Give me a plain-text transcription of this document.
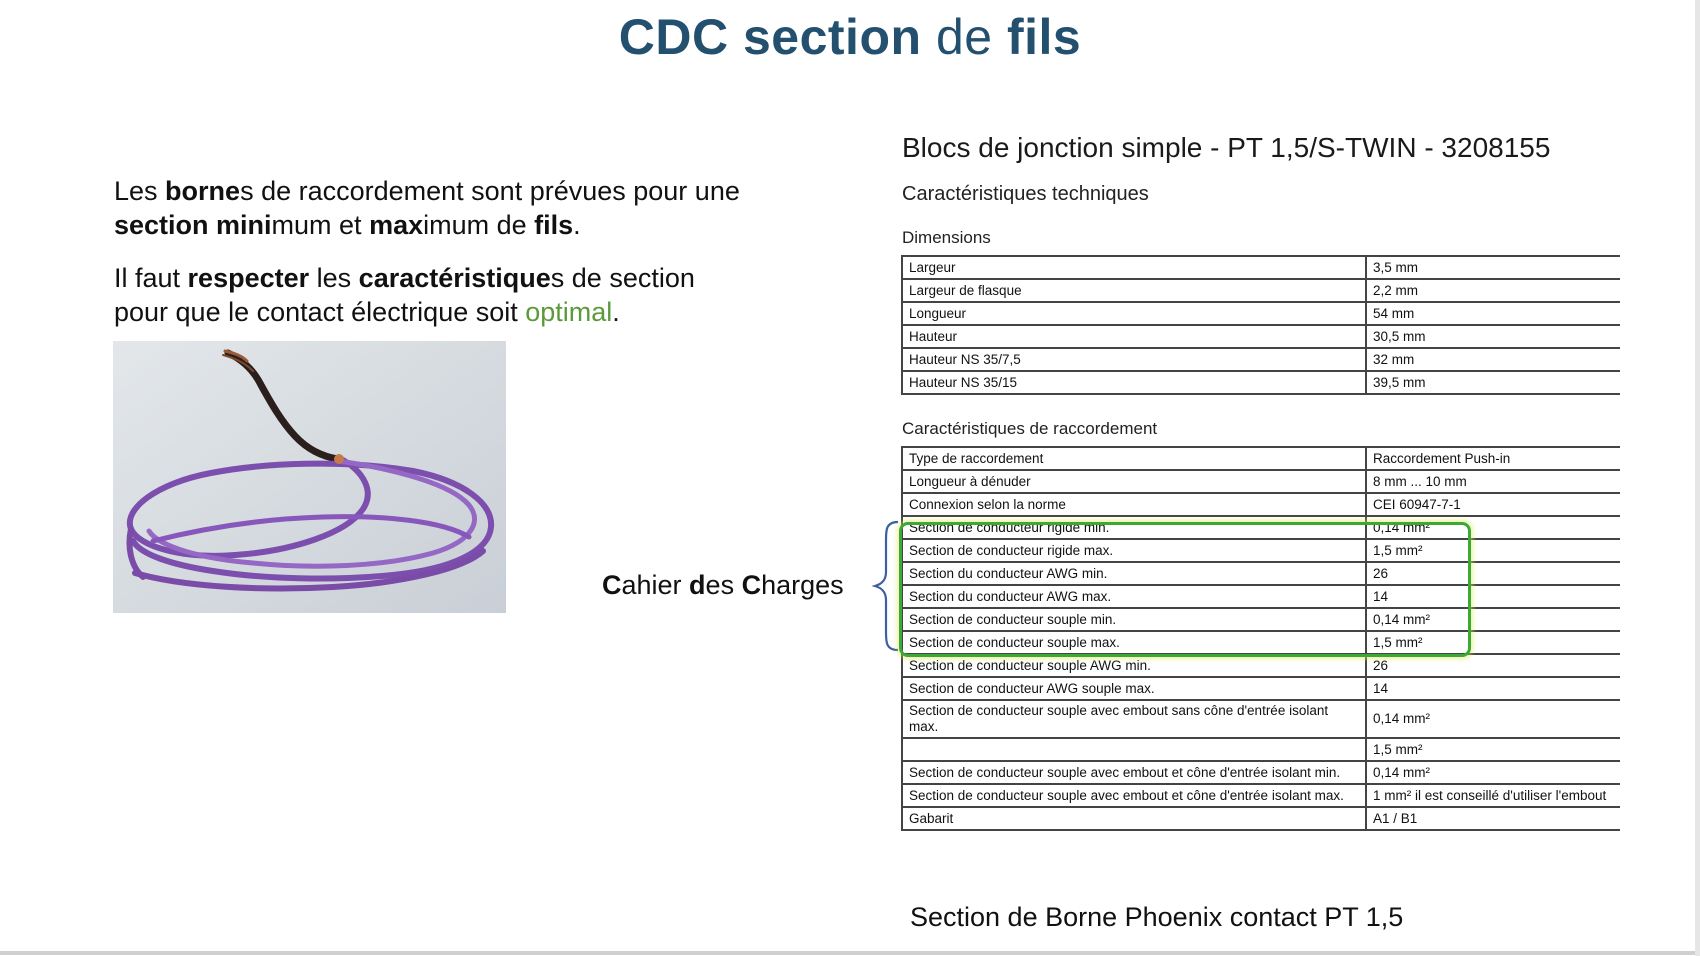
CDC section de fils
Les bornes de raccordement sont prévues pour une section minimum et maximum de fils.
Il faut respecter les caractéristiques de section
pour que le contact électrique soit optimal.
Cahier des Charges
Blocs de jonction simple - PT 1,5/S-TWIN - 3208155
Caractéristiques techniques
Dimensions
Largeur	3,5 mm
Largeur de flasque	2,2 mm
Longueur	54 mm
Hauteur	30,5 mm
Hauteur NS 35/7,5	32 mm
Hauteur NS 35/15	39,5 mm
Caractéristiques de raccordement
Type de raccordement	Raccordement Push-in
Longueur à dénuder	8 mm ... 10 mm
Connexion selon la norme	CEI 60947-7-1
Section de conducteur rigide min.	0,14 mm²
Section de conducteur rigide max.	1,5 mm²
Section du conducteur AWG min.	26
Section du conducteur AWG max.	14
Section de conducteur souple min.	0,14 mm²
Section de conducteur souple max.	1,5 mm²
Section de conducteur souple AWG min.	26
Section de conducteur AWG souple max.	14
Section de conducteur souple avec embout sans cône d'entrée isolant max.	0,14 mm²
	1,5 mm²
Section de conducteur souple avec embout et cône d'entrée isolant min.	0,14 mm²
Section de conducteur souple avec embout et cône d'entrée isolant max.	1 mm² il est conseillé d'utiliser l'embout
Gabarit	A1 / B1
Section de Borne Phoenix contact PT 1,5
